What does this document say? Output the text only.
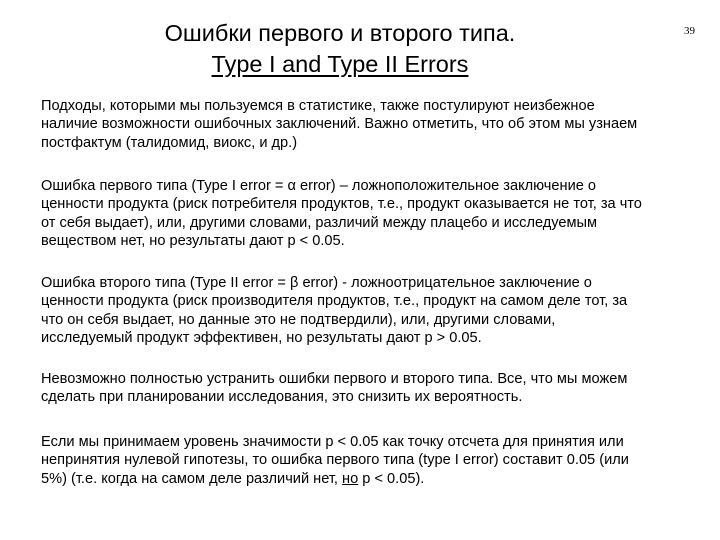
Ошибки первого и второго типа.
Type I and Type II Errors
39
Подходы, которыми мы пользуемся в статистике, также постулируют неизбежное
наличие возможности ошибочных заключений. Важно отметить, что об этом мы узнаем
постфактум (талидомид, виокс, и др.)
Ошибка первого типа (Type I error = α error) – ложноположительное заключение о
ценности продукта (риск потребителя продуктов, т.е., продукт оказывается не тот, за что
от себя выдает), или, другими словами, различий между плацебо и исследуемым
веществом нет, но результаты дают p < 0.05.
Ошибка второго типа (Type II error = β error) - ложноотрицательное заключение о
ценности продукта (риск производителя продуктов, т.е., продукт на самом деле тот, за
что он себя выдает, но данные это не подтвердили), или, другими словами,
исследуемый продукт эффективен, но результаты дают p > 0.05.
Невозможно полностью устранить ошибки первого и второго типа. Все, что мы можем
сделать при планировании исследования, это снизить их вероятность.
Если мы принимаем уровень значимости p < 0.05 как точку отсчета для принятия или
непринятия нулевой гипотезы, то ошибка первого типа (type I error) составит 0.05 (или
5%) (т.е. когда на самом деле различий нет, но p < 0.05).
